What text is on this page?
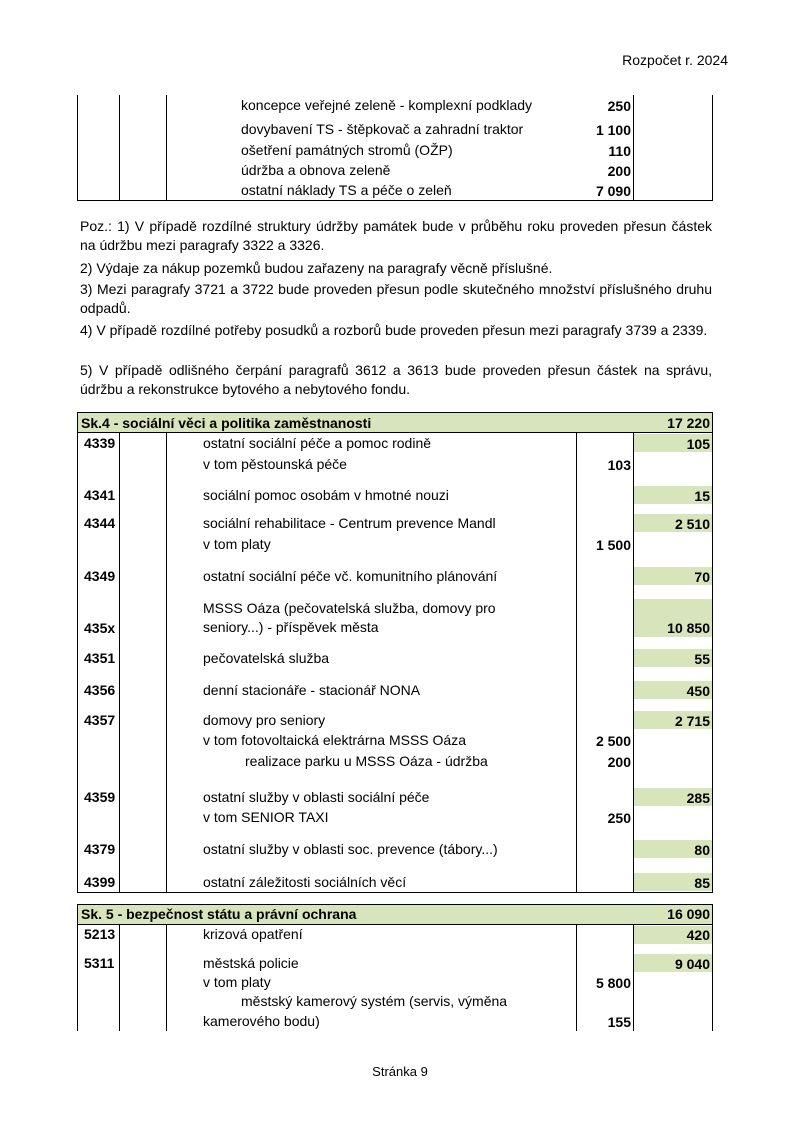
Rozpočet r. 2024
koncepce veřejné zeleně - komplexní podklady	250
dovybavení TS - štěpkovač a zahradní traktor	1 100
ošetření památných stromů (OŽP)	110
údržba a obnova zeleně	200
ostatní náklady TS a péče o zeleň	7 090
Poz.: 1) V případě rozdílné struktury údržby památek bude v průběhu roku proveden přesun částek na údržbu mezi paragrafy 3322 a 3326.
2) Výdaje za nákup pozemků budou zařazeny na paragrafy věcně příslušné.
3) Mezi paragrafy 3721 a 3722 bude proveden přesun podle skutečného množství příslušného druhu odpadů.
4) V případě rozdílné potřeby posudků a rozborů bude proveden přesun mezi paragrafy 3739 a 2339.
5) V případě odlišného čerpání paragrafů 3612 a 3613 bude proveden přesun částek na správu, údržbu a rekonstrukce bytového a nebytového fondu.
Sk.4 - sociální věci a politika zaměstnanosti	17 220
4339	ostatní sociální péče a pomoc rodině	105
v tom pěstounská péče	103
4341	sociální pomoc osobám v hmotné nouzi	15
4344	sociální rehabilitace - Centrum prevence Mandl	2 510
v tom platy	1 500
4349	ostatní sociální péče vč. komunitního plánování	70
MSSS Oáza (pečovatelská služba, domovy pro
435x	seniory...) - příspěvek města	10 850
4351	pečovatelská služba	55
4356	denní stacionáře - stacionář NONA	450
4357	domovy pro seniory	2 715
v tom fotovoltaická elektrárna MSSS Oáza	2 500
realizace parku u MSSS Oáza - údržba	200
4359	ostatní služby v oblasti sociální péče	285
v tom SENIOR TAXI	250
4379	ostatní služby v oblasti soc. prevence (tábory...)	80
4399	ostatní záležitosti sociálních věcí	85
Sk. 5 - bezpečnost státu a právní ochrana	16 090
5213	krizová opatření	420
5311	městská policie	9 040
v tom platy	5 800
městský kamerový systém (servis, výměna
kamerového bodu)	155
Stránka 9
